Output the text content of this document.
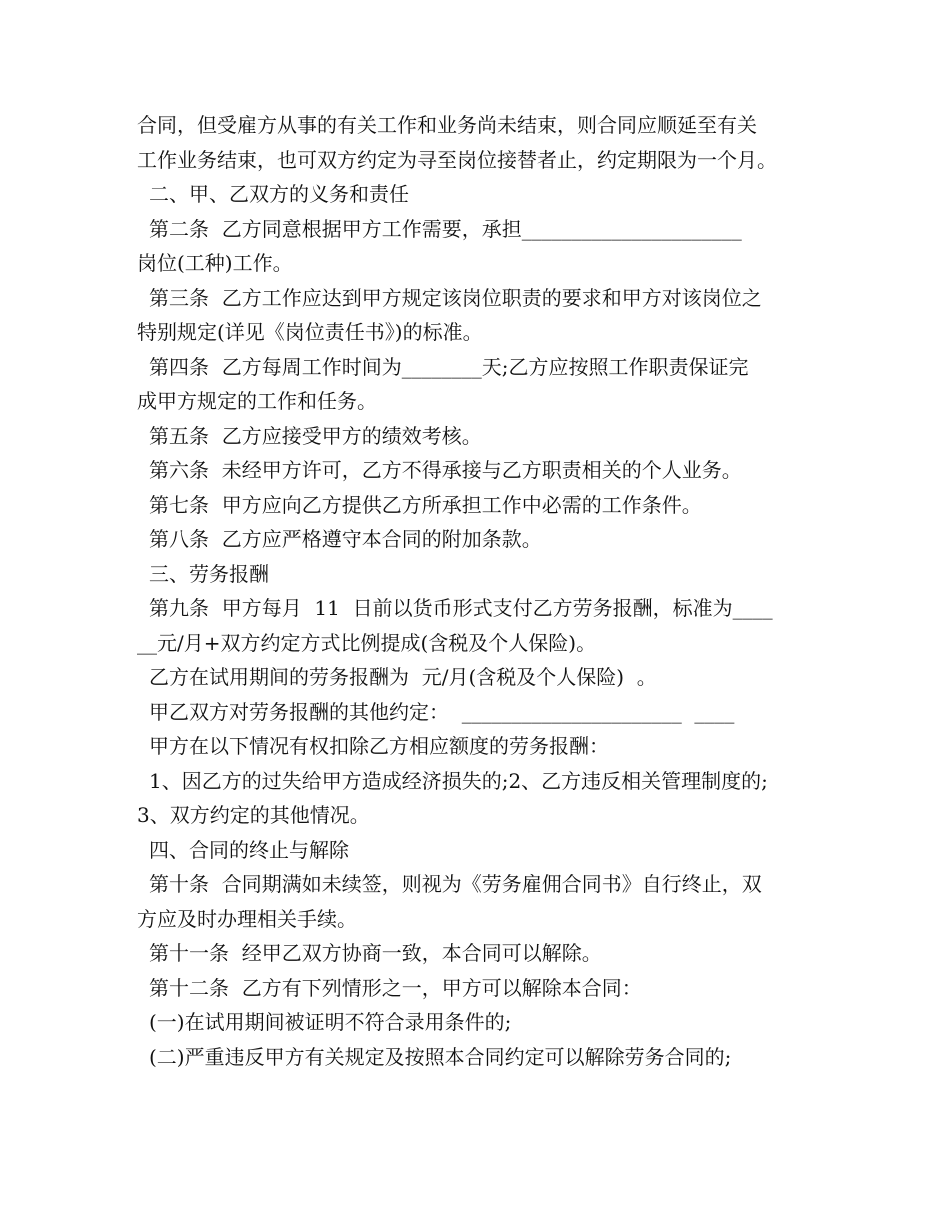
合同，但受雇方从事的有关工作和业务尚未结束，则合同应顺延至有关
工作业务结束，也可双方约定为寻至岗位接替者止，约定期限为一个月。
二、甲、乙双方的义务和责任
第二条  乙方同意根据甲方工作需要，承担______________________
岗位(工种)工作。
第三条  乙方工作应达到甲方规定该岗位职责的要求和甲方对该岗位之
特别规定(详见《岗位责任书》)的标准。
第四条  乙方每周工作时间为________天;乙方应按照工作职责保证完
成甲方规定的工作和任务。
第五条  乙方应接受甲方的绩效考核。
第六条  未经甲方许可，乙方不得承接与乙方职责相关的个人业务。
第七条  甲方应向乙方提供乙方所承担工作中必需的工作条件。
第八条  乙方应严格遵守本合同的附加条款。
三、劳务报酬
第九条  甲方每月  11  日前以货币形式支付乙方劳务报酬，标准为____
__元/月+双方约定方式比例提成(含税及个人保险)。
乙方在试用期间的劳务报酬为  元/月(含税及个人保险)  。
甲乙双方对劳务报酬的其他约定：  ______________________  ____
甲方在以下情况有权扣除乙方相应额度的劳务报酬：
1、因乙方的过失给甲方造成经济损失的;2、乙方违反相关管理制度的;
3、双方约定的其他情况。
四、合同的终止与解除
第十条  合同期满如未续签，则视为《劳务雇佣合同书》自行终止，双
方应及时办理相关手续。
第十一条  经甲乙双方协商一致，本合同可以解除。
第十二条  乙方有下列情形之一，甲方可以解除本合同：
(一)在试用期间被证明不符合录用条件的;
(二)严重违反甲方有关规定及按照本合同约定可以解除劳务合同的;
